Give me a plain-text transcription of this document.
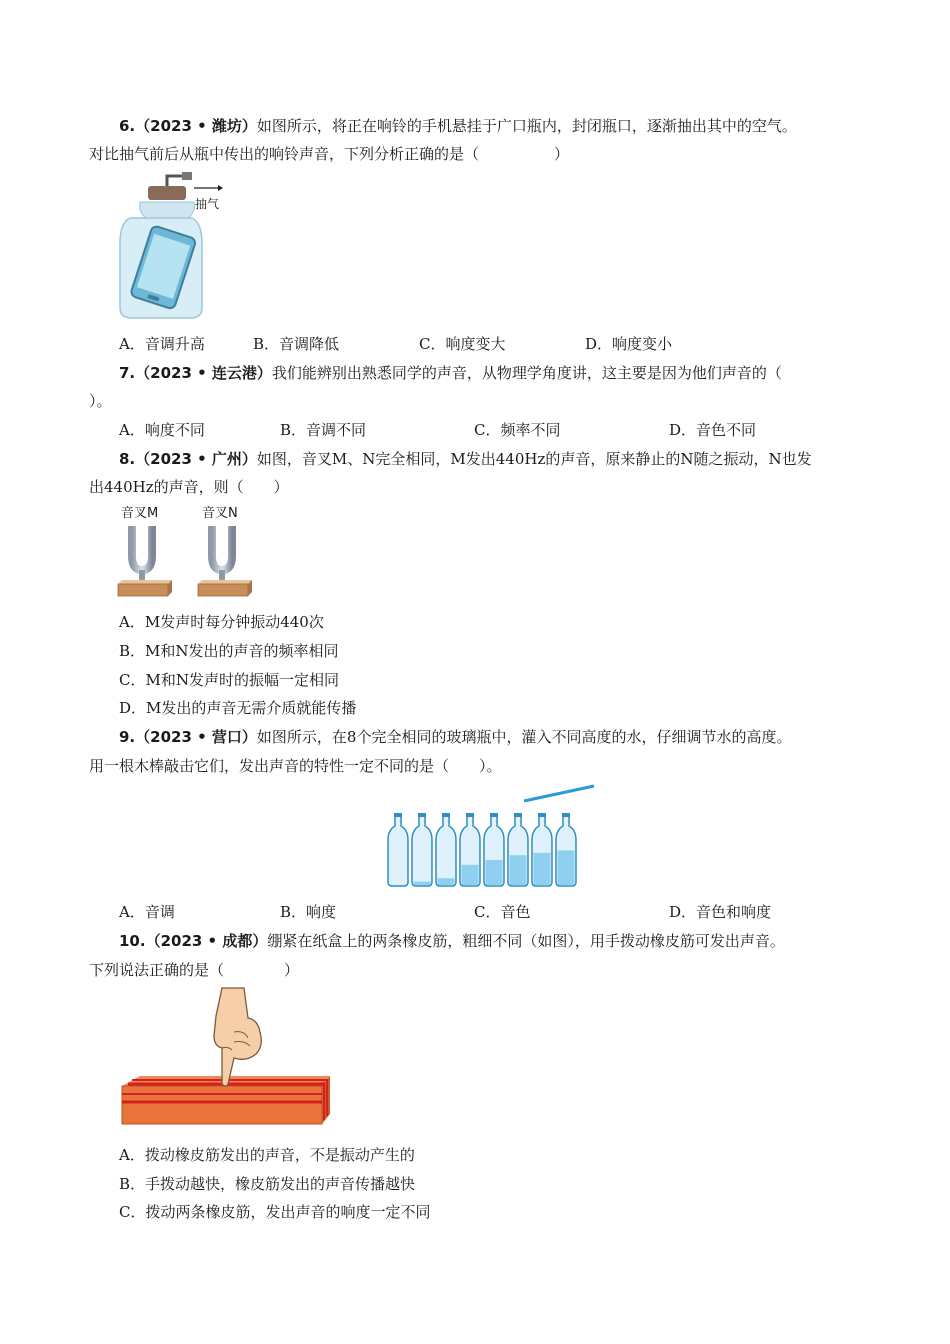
6.（2023 • 潍坊）如图所示，将正在响铃的手机悬挂于广口瓶内，封闭瓶口，逐渐抽出其中的空气。
对比抽气前后从瓶中传出的响铃声音，下列分析正确的是（　　　　　）
抽气
A．音调升高	B．音调降低	C．响度变大	D．响度变小
7.（2023 • 连云港）我们能辨别出熟悉同学的声音，从物理学角度讲，这主要是因为他们声音的（
）。
A．响度不同	B．音调不同	C．频率不同	D．音色不同
8.（2023 • 广州）如图，音叉M、N完全相同，M发出440Hz的声音，原来静止的N随之振动，N也发
出440Hz的声音，则（　　）
音叉M	音叉N
A．M发声时每分钟振动440次
B．M和N发出的声音的频率相同
C．M和N发声时的振幅一定相同
D．M发出的声音无需介质就能传播
9.（2023 • 营口）如图所示，在8个完全相同的玻璃瓶中，灌入不同高度的水，仔细调节水的高度。
用一根木棒敲击它们，发出声音的特性一定不同的是（　　）。
A．音调	B．响度	C．音色	D．音色和响度
10.（2023 • 成都）绷紧在纸盒上的两条橡皮筋，粗细不同（如图），用手拨动橡皮筋可发出声音。
下列说法正确的是（　　　　）
A．拨动橡皮筋发出的声音，不是振动产生的
B．手拨动越快，橡皮筋发出的声音传播越快
C．拨动两条橡皮筋，发出声音的响度一定不同
